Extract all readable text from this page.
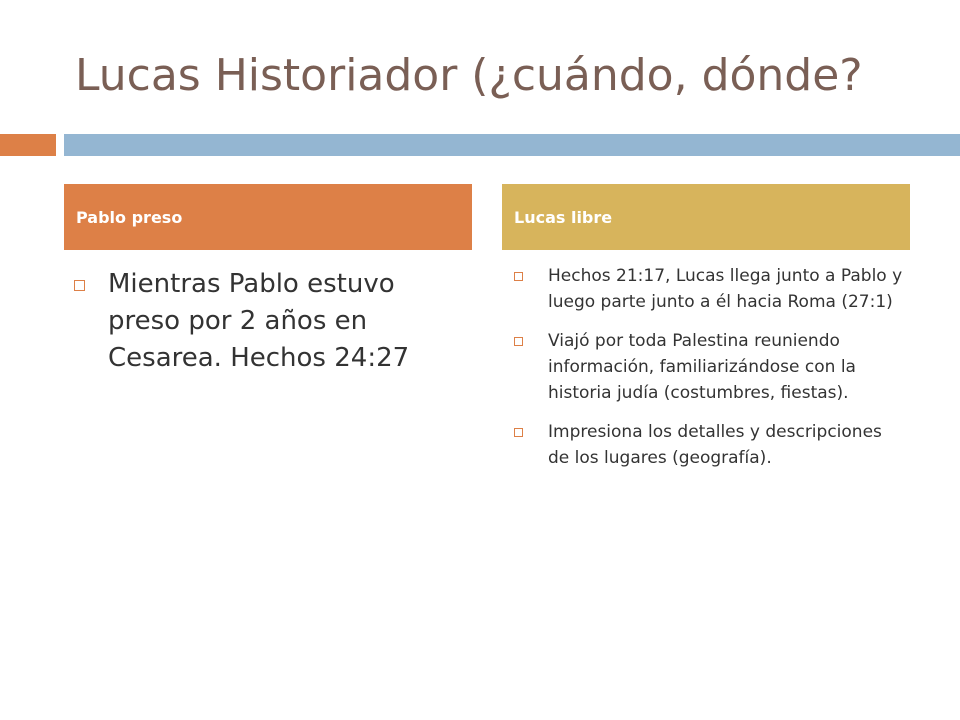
Lucas Historiador (¿cuándo, dónde?
Pablo preso	Lucas libre
Mientras Pablo estuvo preso por 2 años en Cesarea. Hechos 24:27
Hechos 21:17, Lucas llega junto a Pablo y luego parte junto a él hacia Roma (27:1)
Viajó por toda Palestina reuniendo información, familiarizándose con la historia judía (costumbres, fiestas).
Impresiona los detalles y descripciones de los lugares (geografía).
